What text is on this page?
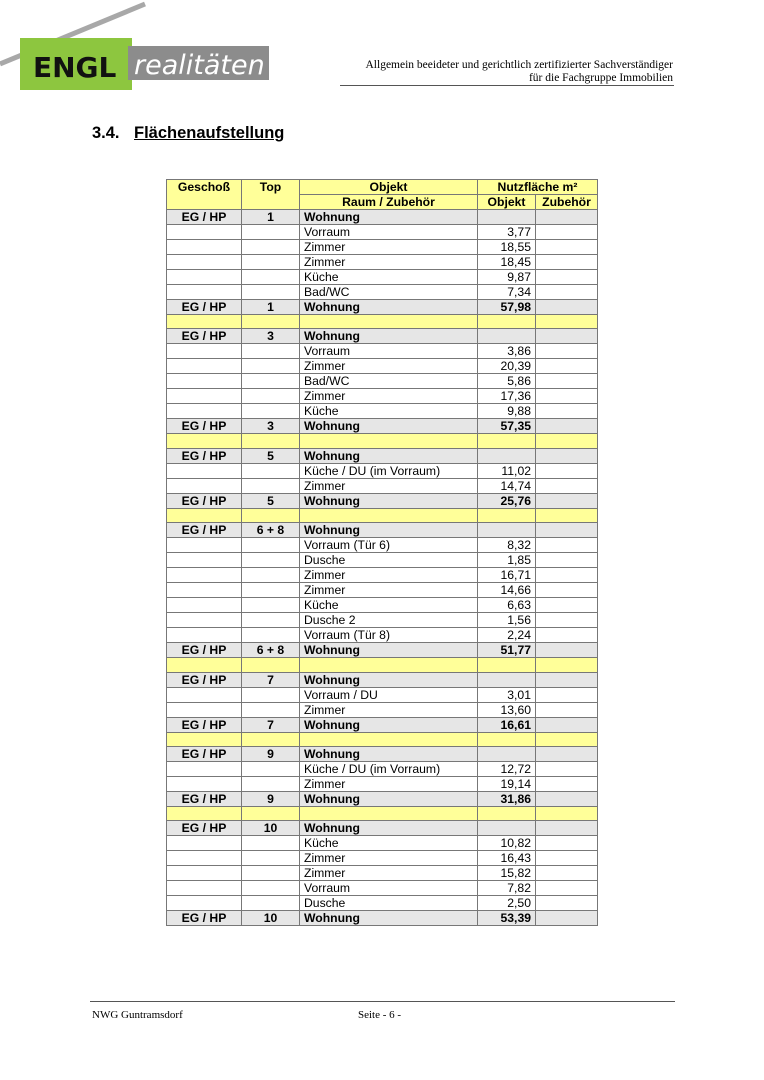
ENGL realitäten	Allgemein beeideter und gerichtlich zertifizierter Sachverständiger
für die Fachgruppe Immobilien
3.4. Flächenaufstellung
Geschoß	Top	Objekt	Nutzfläche m²	
		Raum / Zubehör	Objekt	Zubehör
EG / HP	1	Wohnung		
		Vorraum	3,77	
		Zimmer	18,55	
		Zimmer	18,45	
		Küche	9,87	
		Bad/WC	7,34	
EG / HP	1	Wohnung	57,98	

EG / HP	3	Wohnung		
		Vorraum	3,86	
		Zimmer	20,39	
		Bad/WC	5,86	
		Zimmer	17,36	
		Küche	9,88	
EG / HP	3	Wohnung	57,35	

EG / HP	5	Wohnung		
		Küche / DU (im Vorraum)	11,02	
		Zimmer	14,74	
EG / HP	5	Wohnung	25,76	

EG / HP	6 + 8	Wohnung		
		Vorraum (Tür 6)	8,32	
		Dusche	1,85	
		Zimmer	16,71	
		Zimmer	14,66	
		Küche	6,63	
		Dusche 2	1,56	
		Vorraum (Tür 8)	2,24	
EG / HP	6 + 8	Wohnung	51,77	

EG / HP	7	Wohnung		
		Vorraum / DU	3,01	
		Zimmer	13,60	
EG / HP	7	Wohnung	16,61	

EG / HP	9	Wohnung		
		Küche / DU (im Vorraum)	12,72	
		Zimmer	19,14	
EG / HP	9	Wohnung	31,86	

EG / HP	10	Wohnung		
		Küche	10,82	
		Zimmer	16,43	
		Zimmer	15,82	
		Vorraum	7,82	
		Dusche	2,50	
EG / HP	10	Wohnung	53,39	
NWG Guntramsdorf	Seite - 6 -
